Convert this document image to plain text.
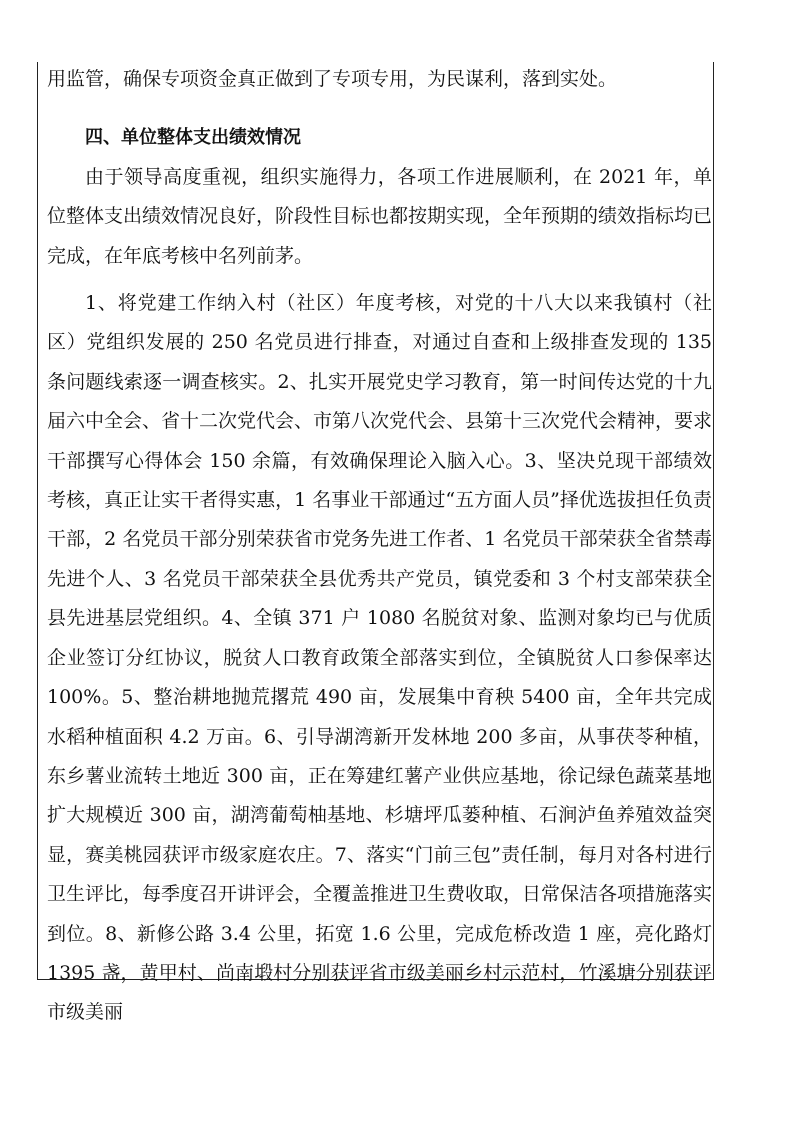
用监管，确保专项资金真正做到了专项专用，为民谋利，落到实处。

四、单位整体支出绩效情况

由于领导高度重视，组织实施得力，各项工作进展顺利，在 2021 年，单位整体支出绩效情况良好，阶段性目标也都按期实现，全年预期的绩效指标均已完成，在年底考核中名列前茅。

1、将党建工作纳入村（社区）年度考核，对党的十八大以来我镇村（社区）党组织发展的 250 名党员进行排查，对通过自查和上级排查发现的 135 条问题线索逐一调查核实。2、扎实开展党史学习教育，第一时间传达党的十九届六中全会、省十二次党代会、市第八次党代会、县第十三次党代会精神，要求干部撰写心得体会 150 余篇，有效确保理论入脑入心。3、坚决兑现干部绩效考核，真正让实干者得实惠，1 名事业干部通过“五方面人员”择优选拔担任负责干部，2 名党员干部分别荣获省市党务先进工作者、1 名党员干部荣获全省禁毒先进个人、3 名党员干部荣获全县优秀共产党员，镇党委和 3 个村支部荣获全县先进基层党组织。4、全镇 371 户 1080 名脱贫对象、监测对象均已与优质企业签订分红协议，脱贫人口教育政策全部落实到位，全镇脱贫人口参保率达 100%。5、整治耕地抛荒撂荒 490 亩，发展集中育秧 5400 亩，全年共完成水稻种植面积 4.2 万亩。6、引导湖湾新开发林地 200 多亩，从事茯苓种植，东乡薯业流转土地近 300 亩，正在筹建红薯产业供应基地，徐记绿色蔬菜基地扩大规模近 300 亩，湖湾葡萄柚基地、杉塘坪瓜蒌种植、石涧泸鱼养殖效益突显，赛美桃园获评市级家庭农庄。7、落实“门前三包”责任制，每月对各村进行卫生评比，每季度召开讲评会，全覆盖推进卫生费收取，日常保洁各项措施落实到位。8、新修公路 3.4 公里，拓宽 1.6 公里，完成危桥改造 1 座，亮化路灯 1395 盏，黄甲村、尚南塅村分别获评省市级美丽乡村示范村，竹溪塘分别获评市级美丽
